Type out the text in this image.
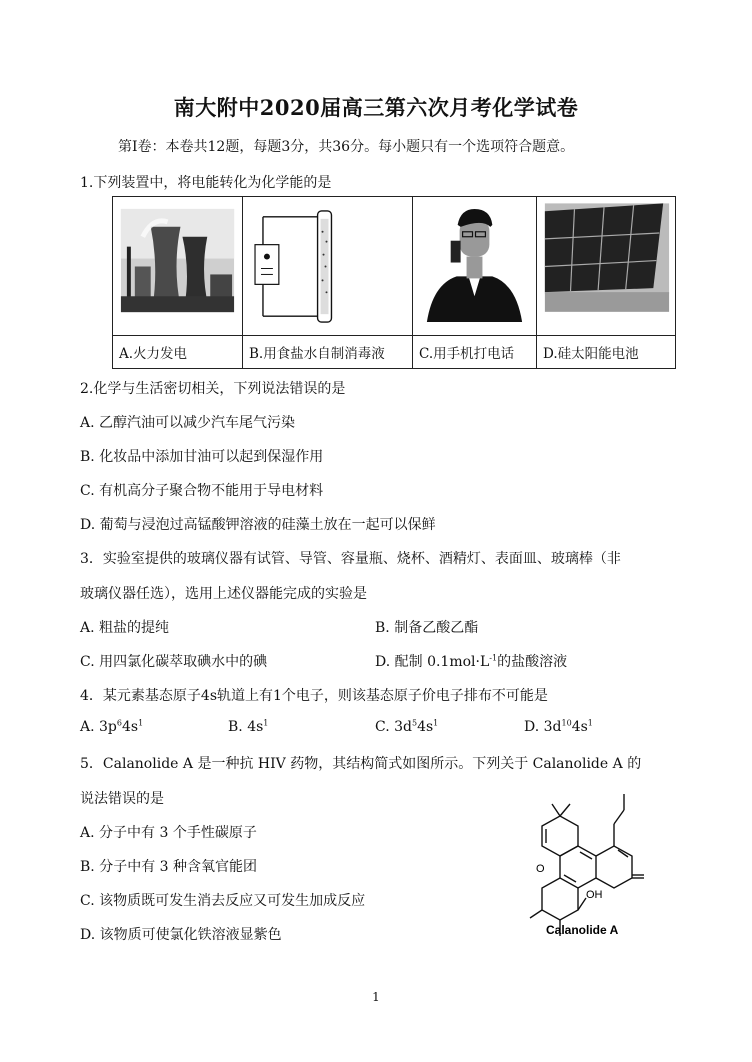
南大附中2020届高三第六次月考化学试卷
第Ⅰ卷：本卷共12题，每题3分，共36分。每小题只有一个选项符合题意。
1.下列装置中，将电能转化为化学能的是

A.火力发电	B.用食盐水自制消毒液	C.用手机打电话	D.硅太阳能电池
2.化学与生活密切相关，下列说法错误的是
A. 乙醇汽油可以减少汽车尾气污染
B. 化妆品中添加甘油可以起到保湿作用
C. 有机高分子聚合物不能用于导电材料
D. 葡萄与浸泡过高锰酸钾溶液的硅藻土放在一起可以保鲜
3．实验室提供的玻璃仪器有试管、导管、容量瓶、烧杯、酒精灯、表面皿、玻璃棒（非
玻璃仪器任选），选用上述仪器能完成的实验是
A. 粗盐的提纯	B. 制备乙酸乙酯
C. 用四氯化碳萃取碘水中的碘	D. 配制 $0.1mol\cdot L^{-1}$的盐酸溶液
4．某元素基态原子4s轨道上有1个电子，则该基态原子价电子排布不可能是
A. $3p^64s^1$	B. $4s^1$	C. $3d^54s^1$	D. $3d^{10}4s^1$
5．Calanolide A 是一种抗 HIV 药物，其结构简式如图所示。下列关于 Calanolide A 的
说法错误的是
A. 分子中有 3 个手性碳原子
B. 分子中有 3 种含氧官能团
C. 该物质既可发生消去反应又可发生加成反应
D. 该物质可使氯化铁溶液显紫色
O
OH
Calanolide A
1
